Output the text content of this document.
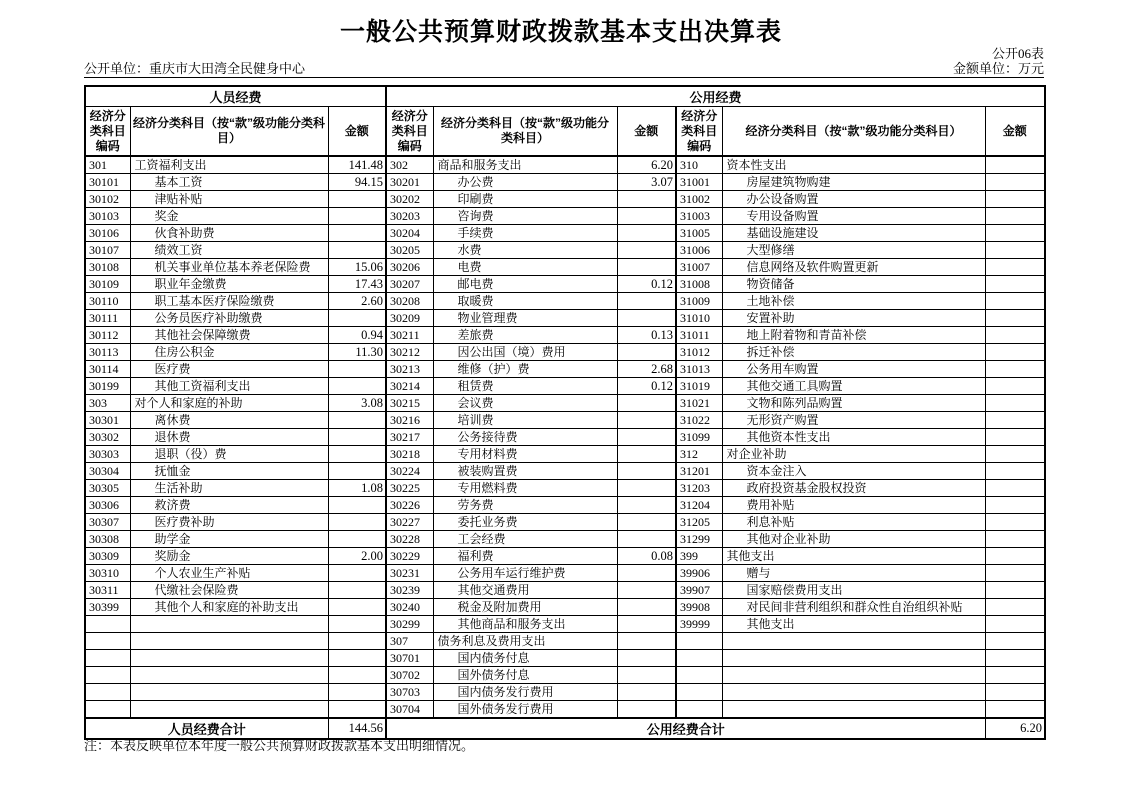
一般公共预算财政拨款基本支出决算表
公开06表
公开单位：重庆市大田湾全民健身中心	金额单位：万元
人员经费			公用经费					
经济分类科目编码	经济分类科目（按“款”级功能分类科目）	金额	经济分类科目编码	经济分类科目（按“款”级功能分类科目）	金额	经济分类科目编码	经济分类科目（按“款”级功能分类科目）	金额
301	工资福利支出	141.48	302	商品和服务支出	6.20	310	资本性支出	
30101	基本工资	94.15	30201	办公费	3.07	31001	房屋建筑物购建	
30102	津贴补贴		30202	印刷费		31002	办公设备购置	
30103	奖金		30203	咨询费		31003	专用设备购置	
30106	伙食补助费		30204	手续费		31005	基础设施建设	
30107	绩效工资		30205	水费		31006	大型修缮	
30108	机关事业单位基本养老保险费	15.06	30206	电费		31007	信息网络及软件购置更新	
30109	职业年金缴费	17.43	30207	邮电费	0.12	31008	物资储备	
30110	职工基本医疗保险缴费	2.60	30208	取暖费		31009	土地补偿	
30111	公务员医疗补助缴费		30209	物业管理费		31010	安置补助	
30112	其他社会保障缴费	0.94	30211	差旅费	0.13	31011	地上附着物和青苗补偿	
30113	住房公积金	11.30	30212	因公出国（境）费用		31012	拆迁补偿	
30114	医疗费		30213	维修（护）费	2.68	31013	公务用车购置	
30199	其他工资福利支出		30214	租赁费	0.12	31019	其他交通工具购置	
303	对个人和家庭的补助	3.08	30215	会议费		31021	文物和陈列品购置	
30301	离休费		30216	培训费		31022	无形资产购置	
30302	退休费		30217	公务接待费		31099	其他资本性支出	
30303	退职（役）费		30218	专用材料费		312	对企业补助	
30304	抚恤金		30224	被装购置费		31201	资本金注入	
30305	生活补助	1.08	30225	专用燃料费		31203	政府投资基金股权投资	
30306	救济费		30226	劳务费		31204	费用补贴	
30307	医疗费补助		30227	委托业务费		31205	利息补贴	
30308	助学金		30228	工会经费		31299	其他对企业补助	
30309	奖励金	2.00	30229	福利费	0.08	399	其他支出	
30310	个人农业生产补贴		30231	公务用车运行维护费		39906	赠与	
30311	代缴社会保险费		30239	其他交通费用		39907	国家赔偿费用支出	
30399	其他个人和家庭的补助支出		30240	税金及附加费用		39908	对民间非营利组织和群众性自治组织补贴	
			30299	其他商品和服务支出		39999	其他支出	
			307	债务利息及费用支出				
			30701	国内债务付息				
			30702	国外债务付息				
			30703	国内债务发行费用				
			30704	国外债务发行费用				
人员经费合计		144.56	公用经费合计					6.20
注：本表反映单位本年度一般公共预算财政拨款基本支出明细情况。
